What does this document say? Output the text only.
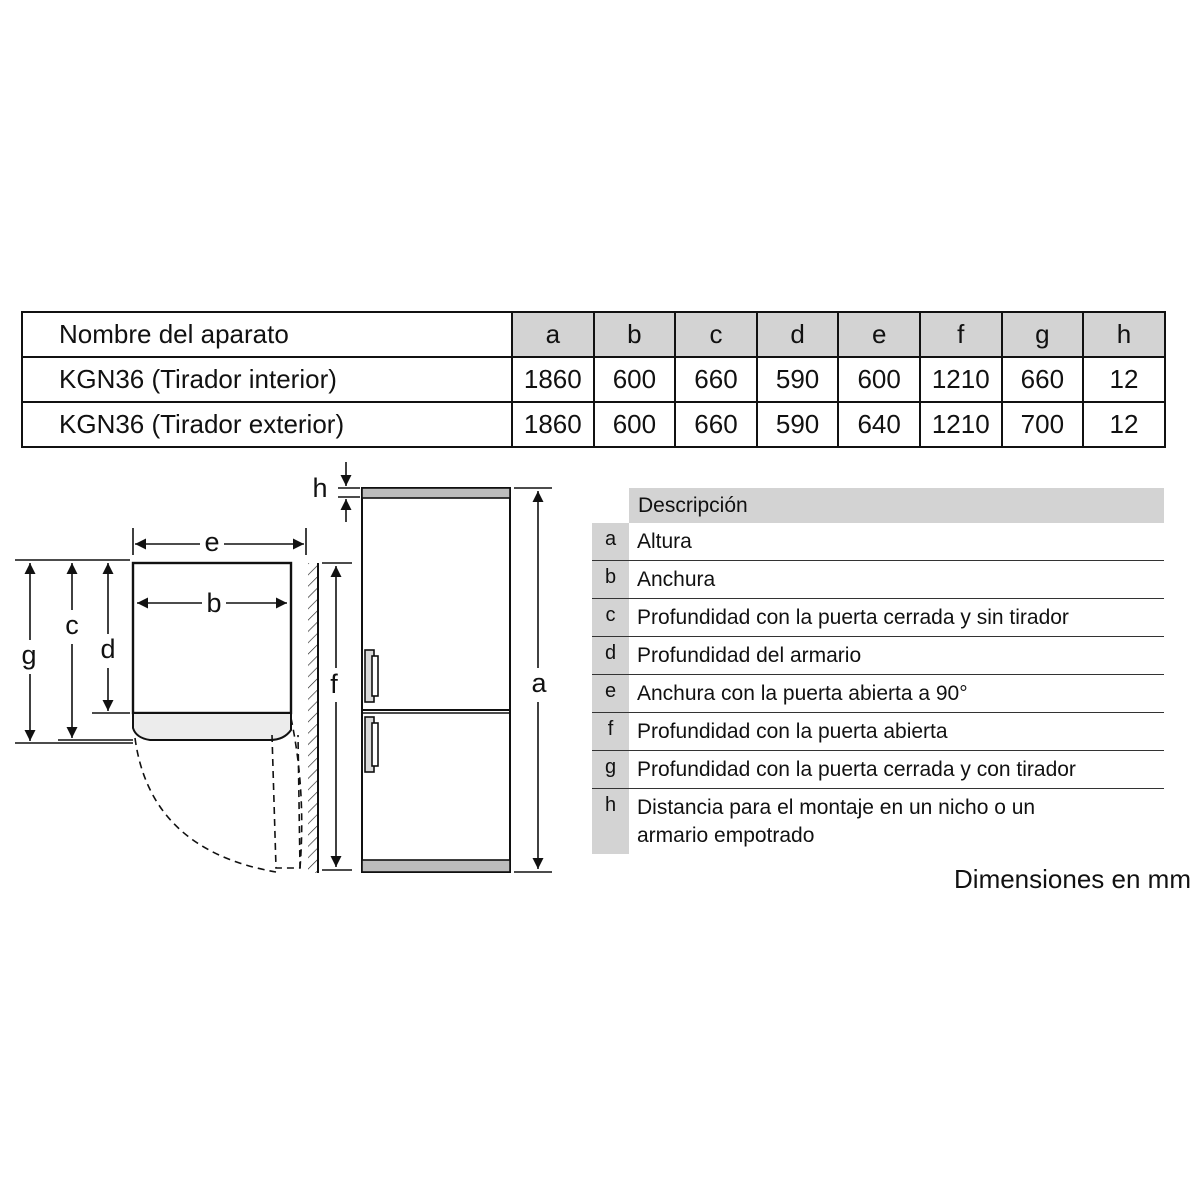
Nombre del aparato	a	b	c	d	e	f	g	h
KGN36 (Tirador interior)	1860	600	660	590	600	1210	660	12
KGN36 (Tirador exterior)	1860	600	660	590	640	1210	700	12
e
b
g
c
d
f
h
a
Descripción
a Altura
b Anchura
c	Profundidad con la puerta cerrada y sin tirador
d Profundidad del armario
e Anchura con la puerta abierta a 90°
f	Profundidad con la puerta abierta
g Profundidad con la puerta cerrada y con tirador
h Distancia para el montaje en un nicho o un armario empotrado
Dimensiones en mm
